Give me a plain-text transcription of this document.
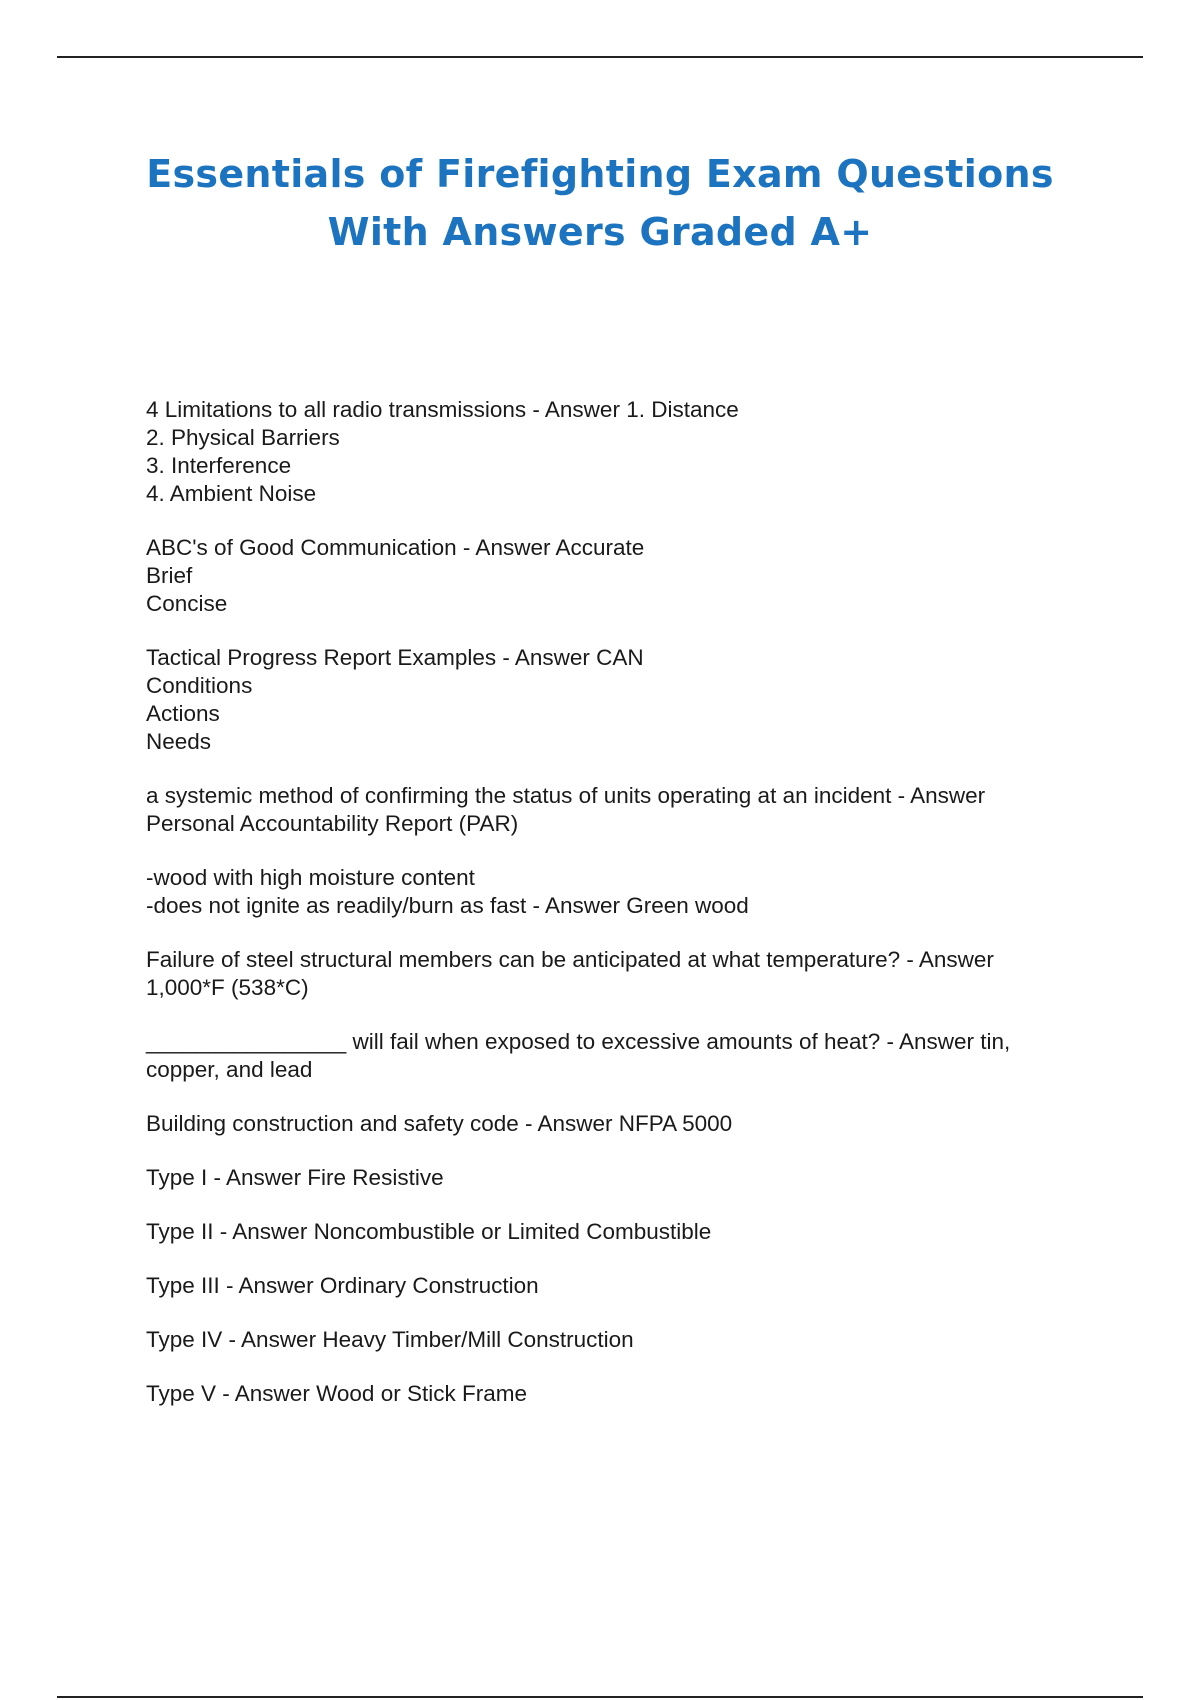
Essentials of Firefighting Exam Questions
With Answers Graded A+
4 Limitations to all radio transmissions - Answer 1. Distance
2. Physical Barriers
3. Interference
4. Ambient Noise
ABC's of Good Communication - Answer Accurate
Brief
Concise
Tactical Progress Report Examples - Answer CAN
Conditions
Actions
Needs
a systemic method of confirming the status of units operating at an incident - Answer
Personal Accountability Report (PAR)
-wood with high moisture content
-does not ignite as readily/burn as fast - Answer Green wood
Failure of steel structural members can be anticipated at what temperature? - Answer
1,000*F (538*C)
________________ will fail when exposed to excessive amounts of heat? - Answer tin,
copper, and lead
Building construction and safety code - Answer NFPA 5000
Type I - Answer Fire Resistive
Type II - Answer Noncombustible or Limited Combustible
Type III - Answer Ordinary Construction
Type IV - Answer Heavy Timber/Mill Construction
Type V - Answer Wood or Stick Frame
